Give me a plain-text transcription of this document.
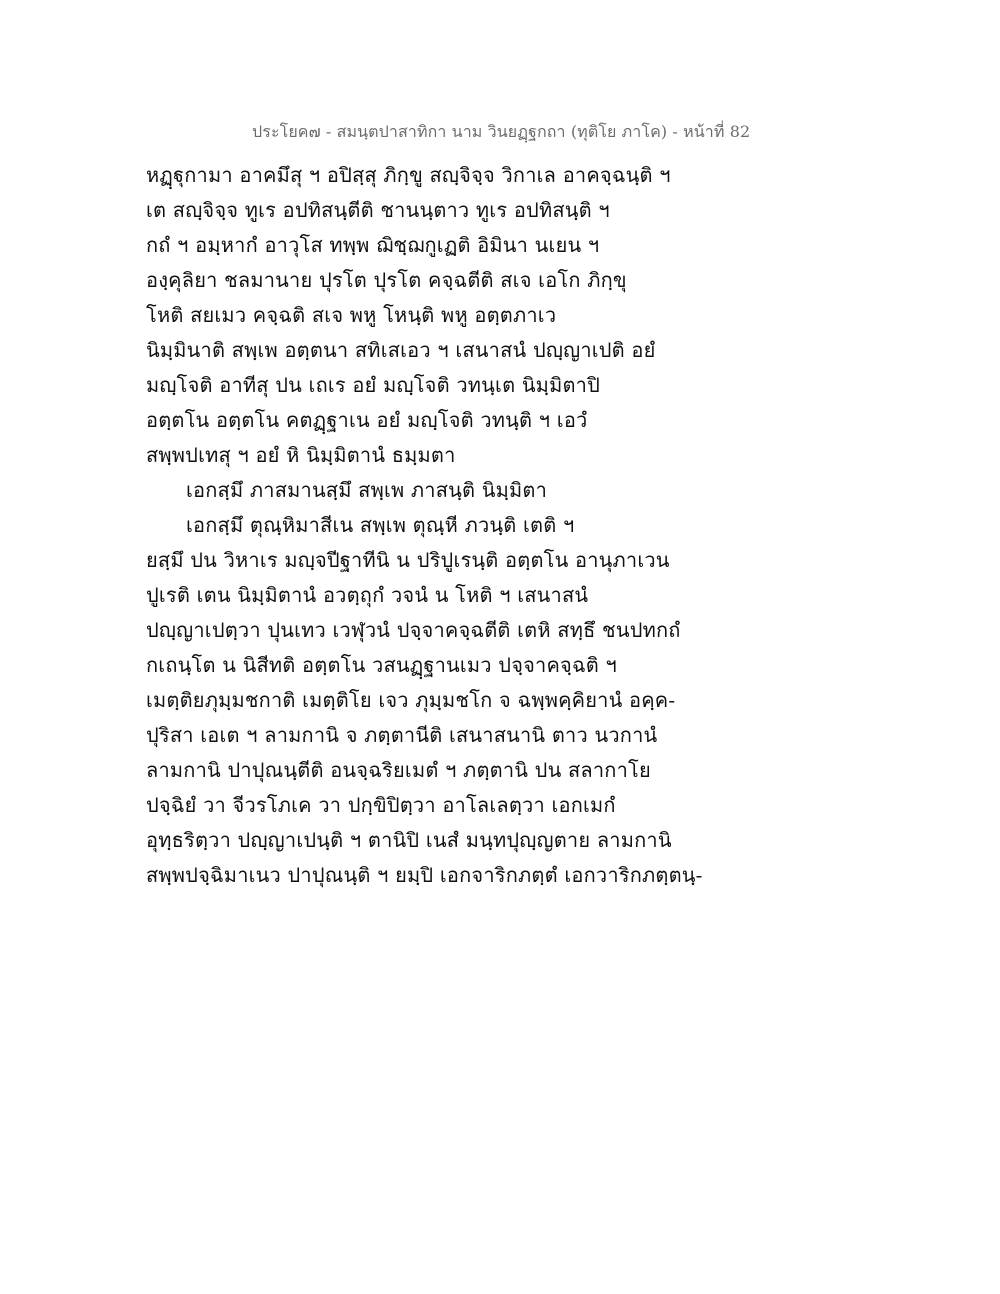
ประโยค๗ - สมนฺตปาสาทิกา นาม วินยฏฺฐกถา (ทุติโย ภาโค) - หน้าที่ 82
หฏฺฐุกามา อาคมึสุ ฯ อปิสฺสุ ภิกฺขู สญฺจิจฺจ วิกาเล อาคจฺฉนฺติ ฯ
เต สญฺจิจฺจ ทูเร อปทิสนฺตีติ ชานนฺตาว ทูเร อปทิสนฺติ ฯ
กถํ ฯ อมฺหากํ อาวุโส ทพฺพ ฌิชฺฌกูเฏติ อิมินา นเยน ฯ
องฺคุลิยา ชลมานาย ปุรโต ปุรโต คจฺฉตีติ สเจ เอโก ภิกฺขุ
โหติ สยเมว คจฺฉติ สเจ พหู โหนฺติ พหู อตฺตภาเว
นิมฺมินาติ สพฺเพ อตฺตนา สทิเสเอว ฯ เสนาสนํ ปญฺญาเปติ อยํ
มญฺโจติ อาทีสุ ปน เถเร อยํ มญฺโจติ วทนฺเต นิมฺมิตาปิ
อตฺตโน อตฺตโน คตฏฺฐาเน อยํ มญฺโจติ วทนฺติ ฯ เอวํ
สพฺพปเทสุ ฯ อยํ หิ นิมฺมิตานํ ธมฺมตา
เอกสฺมึ ภาสมานสฺมึ สพฺเพ ภาสนฺติ นิมฺมิตา
เอกสฺมึ ตุณฺหิมาสีเน สพฺเพ ตุณฺหี ภวนฺติ เตติ ฯ
ยสฺมึ ปน วิหาเร มญฺจปีฐาทีนิ น ปริปูเรนฺติ อตฺตโน อานุภาเวน
ปูเรติ เตน นิมฺมิตานํ อวตฺถุกํ วจนํ น โหติ ฯ เสนาสนํ
ปญฺญาเปตฺวา ปุนเทว เวฬุวนํ ปจฺจาคจฺฉตีติ เตหิ สทฺธึ ชนปทกถํ
กเถนฺโต น นิสีทติ อตฺตโน วสนฏฺฐานเมว ปจฺจาคจฺฉติ ฯ
เมตฺติยภุมฺมชกาติ เมตฺติโย เจว ภุมฺมชโก จ ฉพฺพคฺคิยานํ อคฺค-
ปุริสา เอเต ฯ ลามกานิ จ ภตฺตานีติ เสนาสนานิ ตาว นวกานํ
ลามกานิ ปาปุณนฺตีติ อนจฺฉริยเมตํ ฯ ภตฺตานิ ปน สลากาโย
ปจฺฉิยํ วา จีวรโภเค วา ปกฺขิปิตฺวา อาโลเลตฺวา เอกเมกํ
อุทฺธริตฺวา ปญฺญาเปนฺติ ฯ ตานิปิ เนสํ มนฺทปุญฺญตาย ลามกานิ
สพฺพปจฺฉิมาเนว ปาปุณนฺติ ฯ ยมฺปิ เอกจาริกภตฺตํ เอกวาริกภตฺตนฺ-
